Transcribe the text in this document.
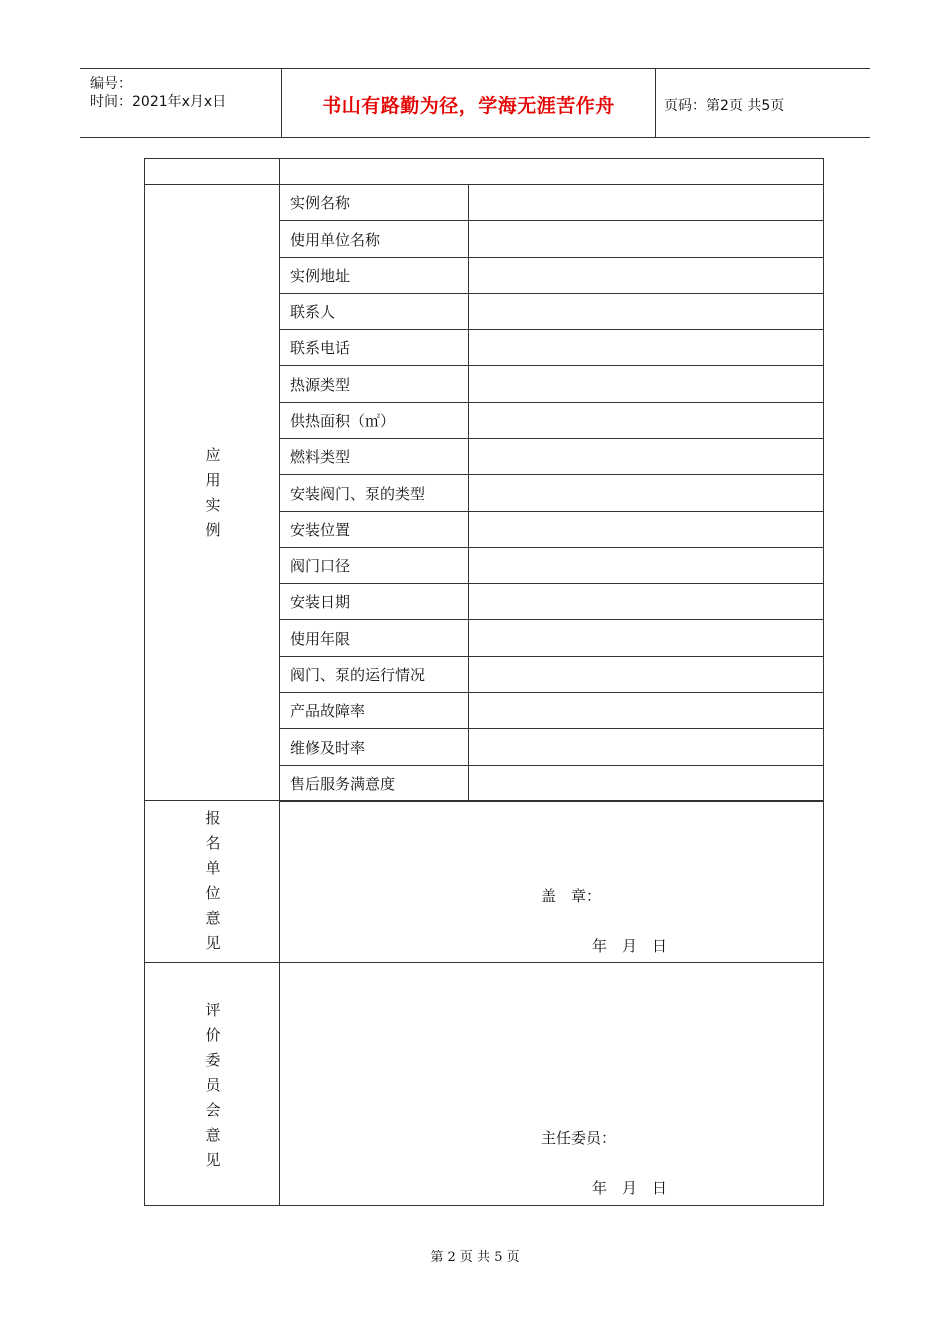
编号：
时间：2021年x月x日	书山有路勤为径，学海无涯苦作舟	页码：第2页 共5页
应
用
实
例
实例名称
使用单位名称
实例地址
联系人
联系电话
热源类型
供热面积（㎡）
燃料类型
安装阀门、泵的类型
安装位置
阀门口径
安装日期
使用年限
阀门、泵的运行情况
产品故障率
维修及时率
售后服务满意度
报
名
单
位
意
见
盖　章：
年　月　日
评
价
委
员
会
意
见
主任委员：
年　月　日
第 2 页 共 5 页
